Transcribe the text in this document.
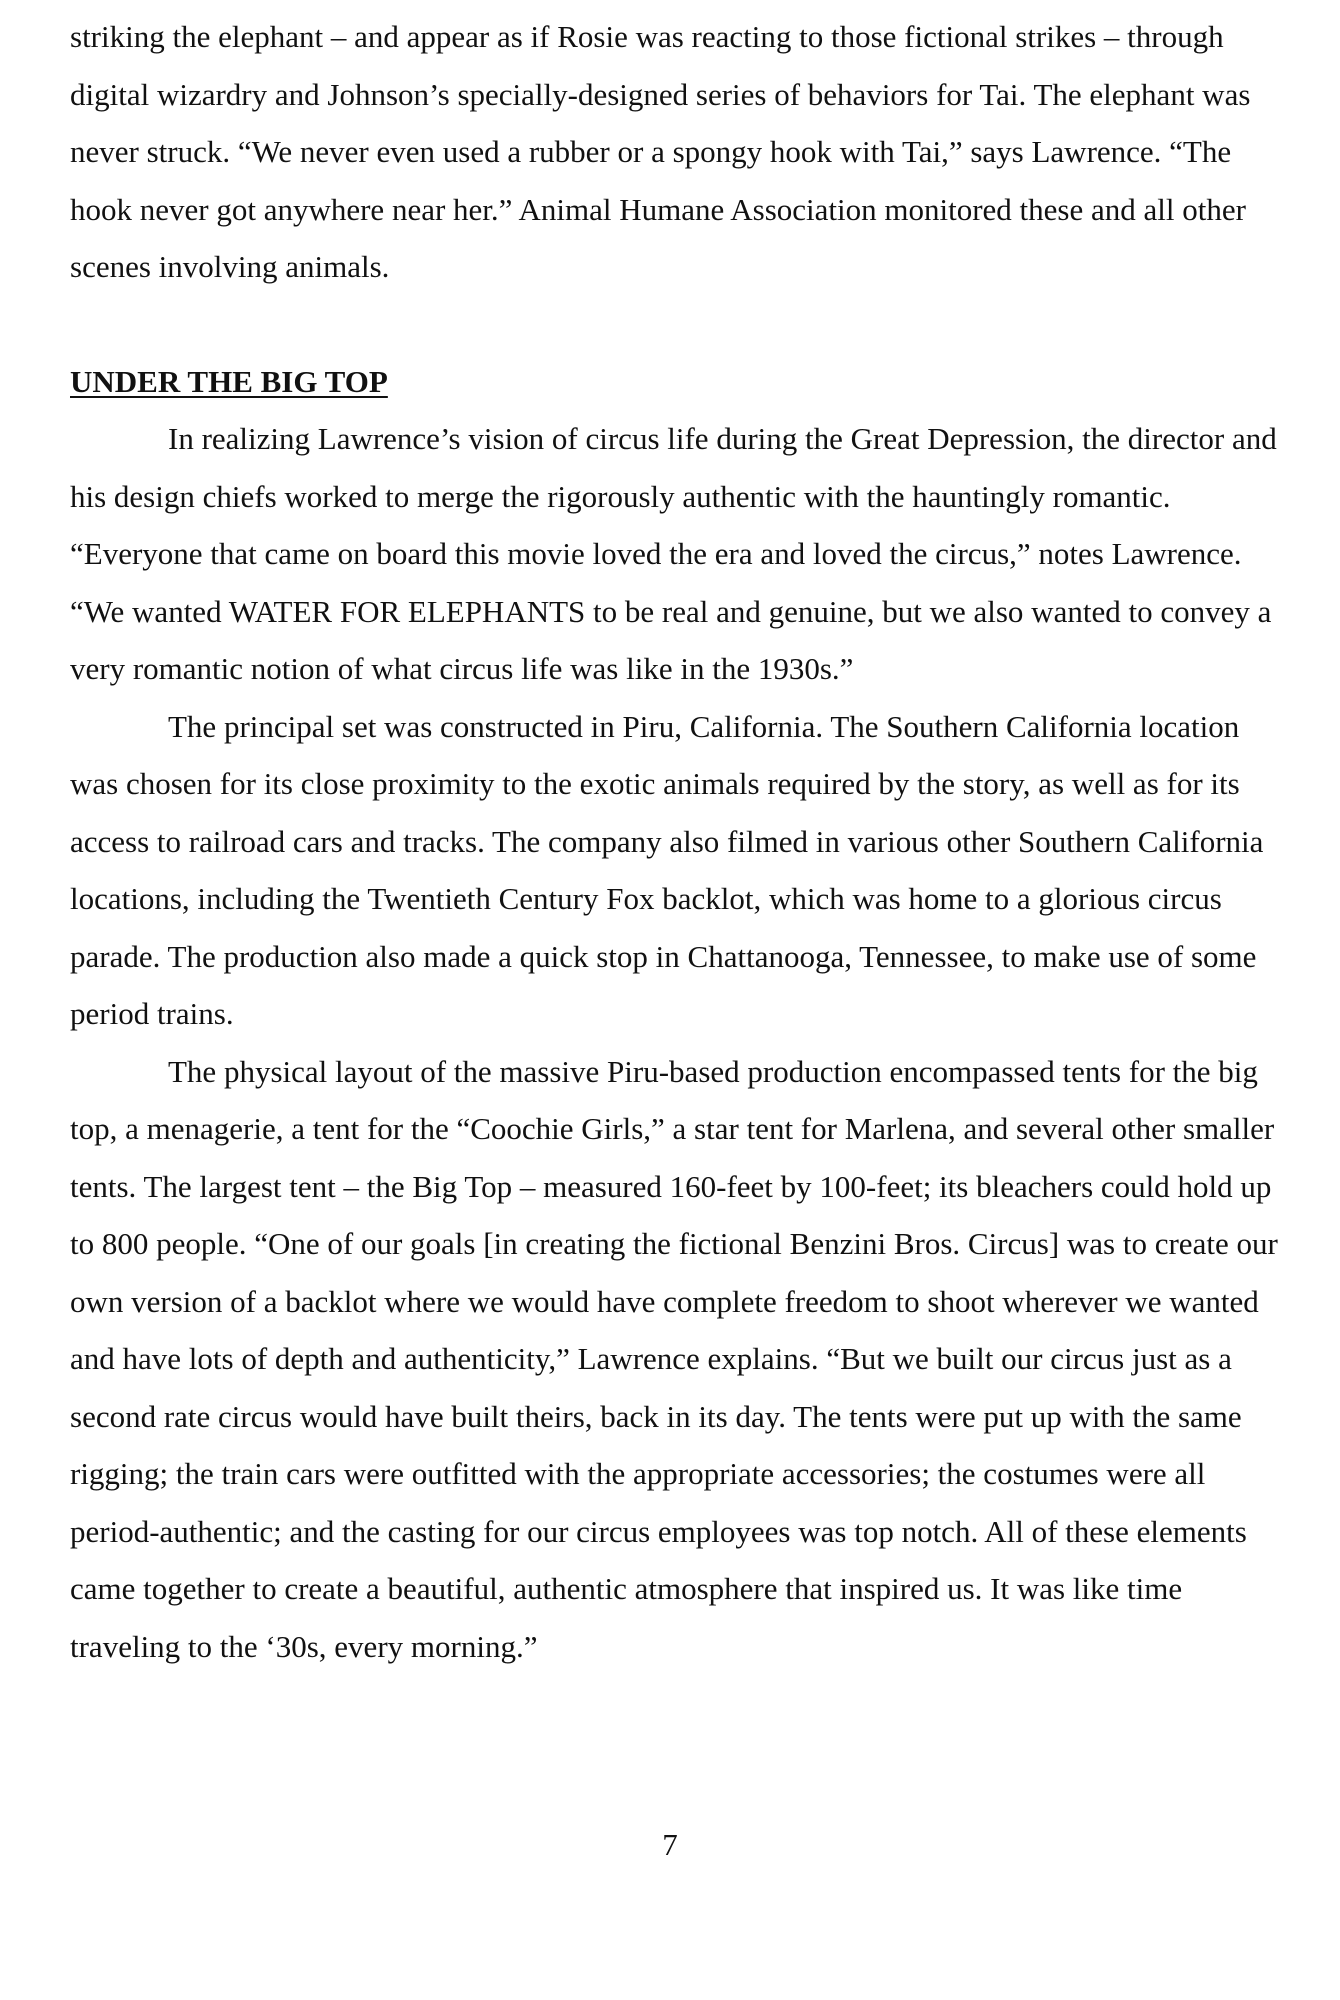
striking the elephant – and appear as if Rosie was reacting to those fictional strikes – through digital wizardry and Johnson’s specially-designed series of behaviors for Tai. The elephant was never struck. “We never even used a rubber or a spongy hook with Tai,” says Lawrence. “The hook never got anywhere near her.” Animal Humane Association monitored these and all other scenes involving animals.

UNDER THE BIG TOP

In realizing Lawrence’s vision of circus life during the Great Depression, the director and his design chiefs worked to merge the rigorously authentic with the hauntingly romantic. “Everyone that came on board this movie loved the era and loved the circus,” notes Lawrence. “We wanted WATER FOR ELEPHANTS to be real and genuine, but we also wanted to convey a very romantic notion of what circus life was like in the 1930s.”

The principal set was constructed in Piru, California. The Southern California location was chosen for its close proximity to the exotic animals required by the story, as well as for its access to railroad cars and tracks. The company also filmed in various other Southern California locations, including the Twentieth Century Fox backlot, which was home to a glorious circus parade. The production also made a quick stop in Chattanooga, Tennessee, to make use of some period trains.

The physical layout of the massive Piru-based production encompassed tents for the big top, a menagerie, a tent for the “Coochie Girls,” a star tent for Marlena, and several other smaller tents. The largest tent – the Big Top – measured 160-feet by 100-feet; its bleachers could hold up to 800 people. “One of our goals [in creating the fictional Benzini Bros. Circus] was to create our own version of a backlot where we would have complete freedom to shoot wherever we wanted and have lots of depth and authenticity,” Lawrence explains. “But we built our circus just as a second rate circus would have built theirs, back in its day. The tents were put up with the same rigging; the train cars were outfitted with the appropriate accessories; the costumes were all period-authentic; and the casting for our circus employees was top notch. All of these elements came together to create a beautiful, authentic atmosphere that inspired us. It was like time traveling to the ‘30s, every morning.”

7
